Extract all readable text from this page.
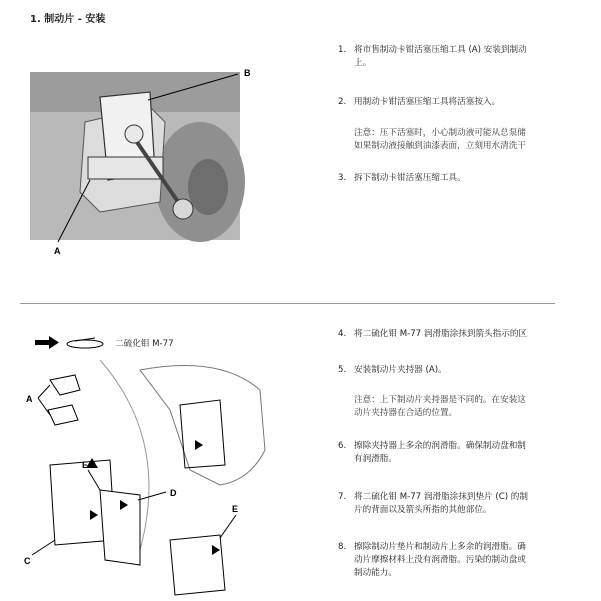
1. 制动片 - 安装
B
A
1. 将市售制动卡钳活塞压缩工具 (A) 安装到制动
上。
2. 用制动卡钳活塞压缩工具将活塞按入。
注意：压下活塞时，小心制动液可能从总泵储
如果制动液接触到油漆表面，立刻用水清洗干
3. 拆下制动卡钳活塞压缩工具。
二硫化钼 M-77
A
E
D
C
E
4. 将二硫化钼 M-77 润滑脂涂抹到箭头指示的区
5. 安装制动片夹持器 (A)。
注意：上下制动片夹持器是不同的。在安装这
动片夹持器在合适的位置。
6. 擦除夹持器上多余的润滑脂。确保制动盘和制
有润滑脂。
7. 将二硫化钼 M-77 润滑脂涂抹到垫片 (C) 的制
片的背面以及箭头所指的其他部位。
8. 擦除制动片垫片和制动片上多余的润滑脂。确
动片摩擦材料上没有润滑脂。污染的制动盘或
制动能力。
